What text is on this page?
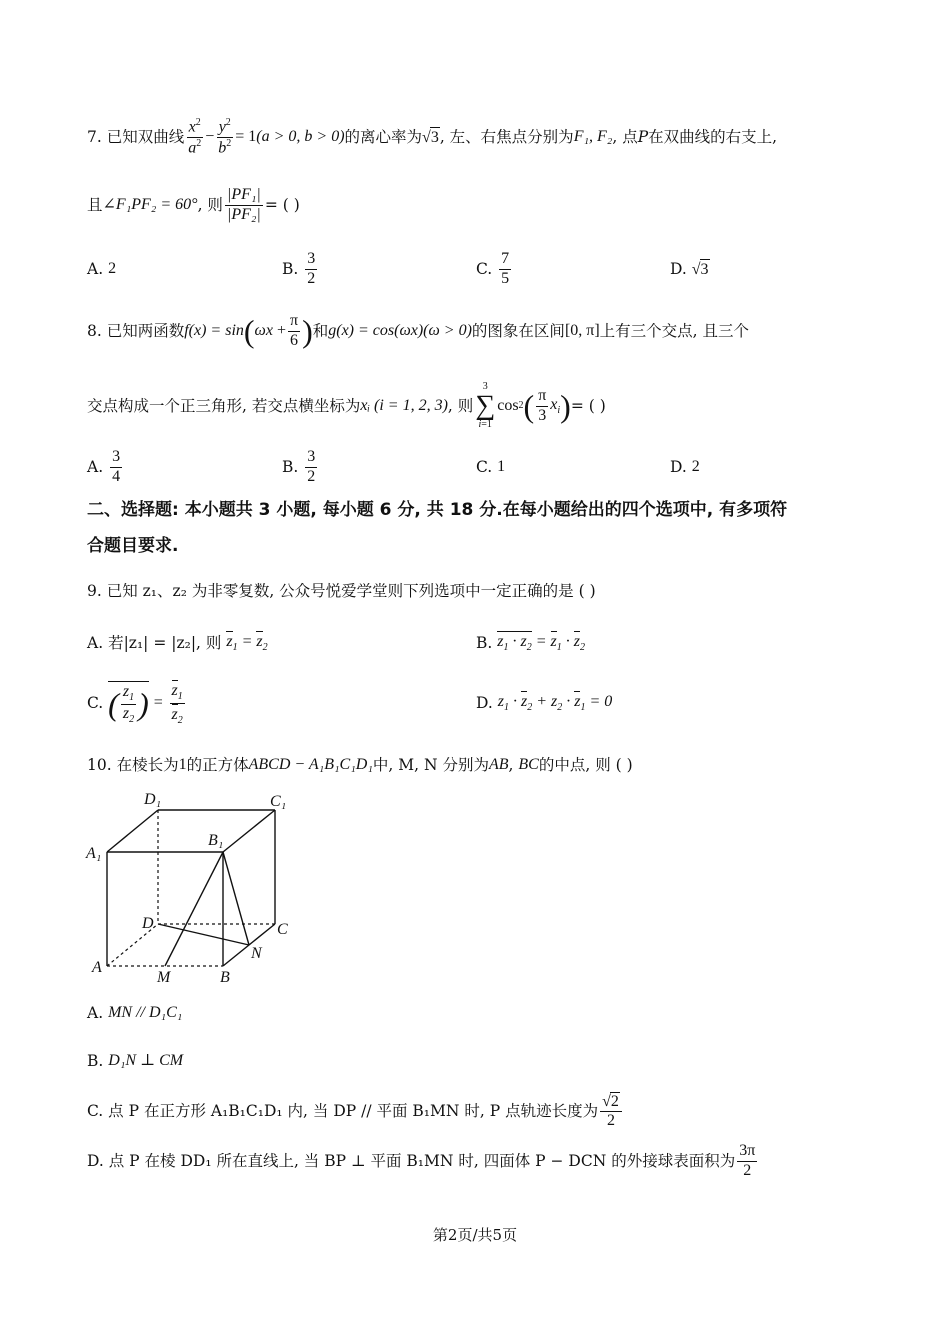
7. 已知双曲线 $\frac{x^2}{a^2} - \frac{y^2}{b^2} = 1$ (a > 0, b > 0) 的离心率为 √3 , 左、右焦点分别为 F₁, F₂ , 点 P 在双曲线的右支上,
且 ∠F₁PF₂ = 60° , 则 $\frac{\text{|PF₁|}}{\text{|PF₂|}}$ = ( )
A.
2	B.
$\frac{3}{2}$	C.
$\frac{7}{5}$	D.
√3
8. 已知两函数 f(x) = sin ( $\omega x + \frac{\pi}{6}$ ) 和 g(x) = cos(ωx)(ω > 0) 的图象在区间 [0, π] 上有三个交点, 且三个
交点构成一个正三角形, 若交点横坐标为 xᵢ (i = 1, 2, 3) , 则
3
∑
i=1
cos 2 ( $\frac{\pi}{3} x_i$ ) = ( )
A.
$\frac{3}{4}$	B.
$\frac{3}{2}$	C.
1	D.
2
二、选择题: 本小题共 3 小题, 每小题 6 分, 共 18 分.在每小题给出的四个选项中, 有多项符
合题目要求.
9. 已知 z₁、z₂ 为非零复数, 公众号悦爱学堂则下列选项中一定正确的是 ( )
A.
若|z₁| = |z₂|, 则
$z_1 = z_2$	B.
$z_1 \cdot z_2 = z_1 \cdot z_2$
C.
( $\frac{z_1}{z_2}$ ) = $\frac{z_1}{z_2}$	D.
$z_1 \cdot z_2 + z_2 \cdot z_1 = 0$
10. 在棱长为 1 的正方体 ABCD − A₁B₁C₁D₁ 中, M, N 分别为 AB , BC 的中点, 则 ( )
D₁	C₁
A₁
B₁
D	C
A
B
M
N
A.
MN // D₁C₁
B.
D₁N ⊥ CM
C.
点 P 在正方形 A₁B₁C₁D₁ 内, 当 DP // 平面 B₁MN 时, P 点轨迹长度为 $\frac{√2}{2}$
D.
点 P 在棱 DD₁ 所在直线上, 当 BP ⊥ 平面 B₁MN 时, 四面体 P − DCN 的外接球表面积为 $\frac{3\pi}{2}$
第2页/共5页
